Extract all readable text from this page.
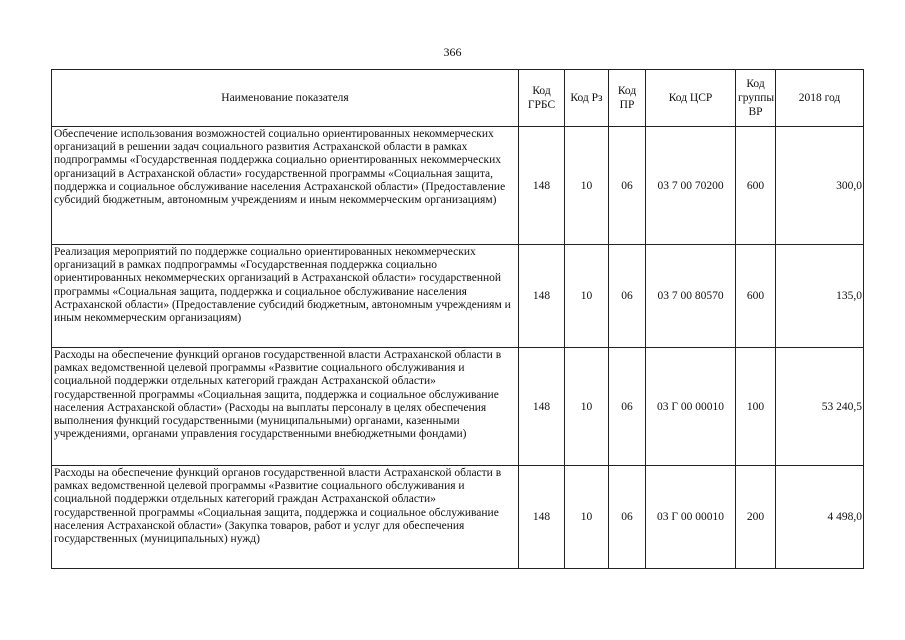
366
Наименование показателя	Код ГРБС	Код Рз	Код ПР	Код ЦСР	Код группы ВР	2018 год
Обеспечение использования возможностей социально ориентированных некоммерческих организаций в решении задач социального развития Астраханской области в рамках подпрограммы «Государственная поддержка социально ориентированных некоммерческих организаций в Астраханской области» государственной программы «Социальная защита, поддержка и социальное обслуживание населения Астраханской области» (Предоставление субсидий бюджетным, автономным учреждениям и иным некоммерческим организациям)	148	10	06	03 7 00 70200	600	300,0
Реализация мероприятий по поддержке социально ориентированных некоммерческих организаций в рамках подпрограммы «Государственная поддержка социально ориентированных некоммерческих организаций в Астраханской области» государственной программы «Социальная защита, поддержка и социальное обслуживание населения Астраханской области» (Предоставление субсидий бюджетным, автономным учреждениям и иным некоммерческим организациям)	148	10	06	03 7 00 80570	600	135,0
Расходы на обеспечение функций органов государственной власти Астраханской области в рамках ведомственной целевой программы «Развитие социального обслуживания и социальной поддержки отдельных категорий граждан Астраханской области» государственной программы «Социальная защита, поддержка и социальное обслуживание населения Астраханской области» (Расходы на выплаты персоналу в целях обеспечения выполнения функций государственными (муниципальными) органами, казенными учреждениями, органами управления государственными внебюджетными фондами)	148	10	06	03 Г 00 00010	100	53 240,5
Расходы на обеспечение функций органов государственной власти Астраханской области в рамках ведомственной целевой программы «Развитие социального обслуживания и социальной поддержки отдельных категорий граждан Астраханской области» государственной программы «Социальная защита, поддержка и социальное обслуживание населения Астраханской области» (Закупка товаров, работ и услуг для обеспечения государственных (муниципальных) нужд)	148	10	06	03 Г 00 00010	200	4 498,0
